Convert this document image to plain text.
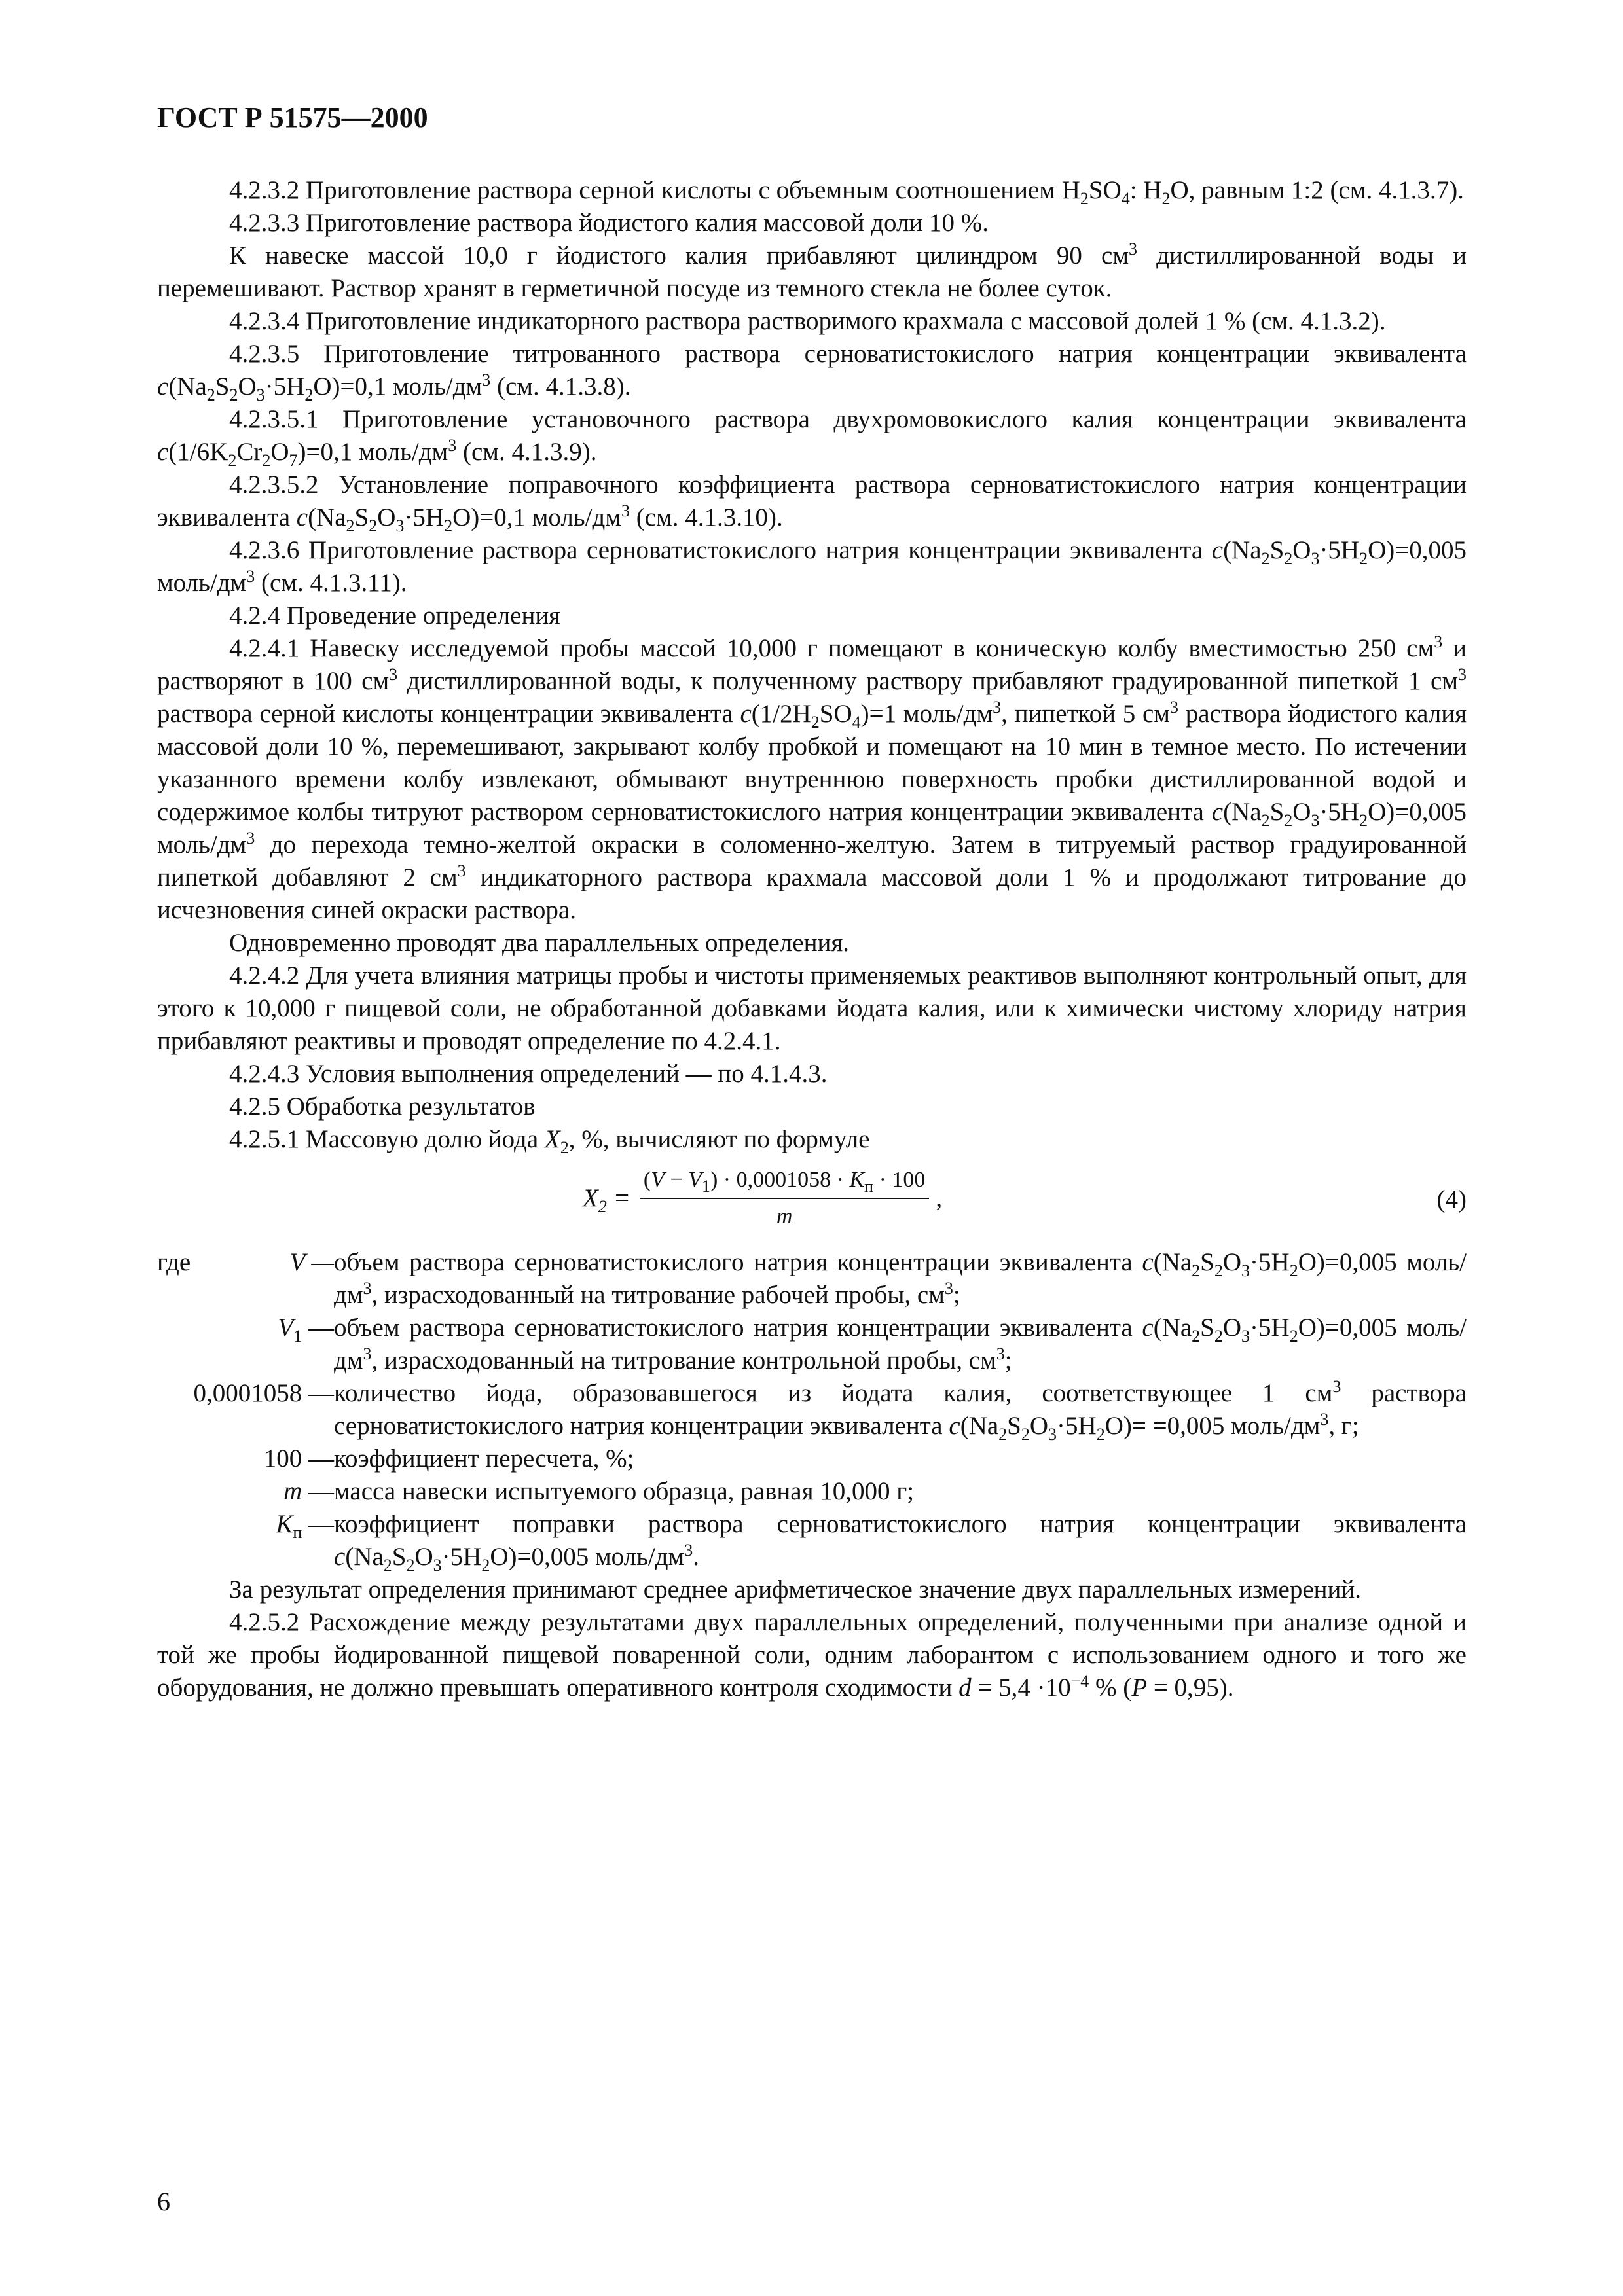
ГОСТ Р 51575—2000

4.2.3.2 Приготовление раствора серной кислоты с объемным соотношением $H_2SO_4$: $H_2O$, равным 1:2 (см. 4.1.3.7).

4.2.3.3 Приготовление раствора йодистого калия массовой доли 10 %.

К навеске массой 10,0 г йодистого калия прибавляют цилиндром 90 $см^3$ дистиллированной воды и перемешивают. Раствор хранят в герметичной посуде из темного стекла не более суток.

4.2.3.4 Приготовление индикаторного раствора растворимого крахмала с массовой долей 1 % (см. 4.1.3.2).

4.2.3.5 Приготовление титрованного раствора серноватистокислого натрия концентрации эквивалента $c(Na_2S_2O_3\cdot 5H_2O)=0,1$ моль/$дм^3$ (см. 4.1.3.8).

4.2.3.5.1 Приготовление установочного раствора двухромовокислого калия концентрации эквивалента $c(1/6K_2Cr_2O_7)=0,1$ моль/$дм^3$ (см. 4.1.3.9).

4.2.3.5.2 Установление поправочного коэффициента раствора серноватистокислого натрия концентрации эквивалента $c(Na_2S_2O_3\cdot 5H_2O)=0,1$ моль/$дм^3$ (см. 4.1.3.10).

4.2.3.6 Приготовление раствора серноватистокислого натрия концентрации эквивалента $c(Na_2S_2O_3\cdot 5H_2O)=0,005$ моль/$дм^3$ (см. 4.1.3.11).

4.2.4 Проведение определения

4.2.4.1 Навеску исследуемой пробы массой 10,000 г помещают в коническую колбу вместимостью 250 $см^3$ и растворяют в 100 $см^3$ дистиллированной воды, к полученному раствору прибавляют градуированной пипеткой 1 $см^3$ раствора серной кислоты концентрации эквивалента $c(1/2H_2SO_4)=1$ моль/$дм^3$, пипеткой 5 $см^3$ раствора йодистого калия массовой доли 10 %, перемешивают, закрывают колбу пробкой и помещают на 10 мин в темное место. По истечении указанного времени колбу извлекают, обмывают внутреннюю поверхность пробки дистиллированной водой и содержимое колбы титруют раствором серноватистокислого натрия концентрации эквивалента $c(Na_2S_2O_3\cdot 5H_2O)=0,005$ моль/$дм^3$ до перехода темно-желтой окраски в соломенно-желтую. Затем в титруемый раствор градуированной пипеткой добавляют 2 $см^3$ индикаторного раствора крахмала массовой доли 1 % и продолжают титрование до исчезновения синей окраски раствора.

Одновременно проводят два параллельных определения.

4.2.4.2 Для учета влияния матрицы пробы и чистоты применяемых реактивов выполняют контрольный опыт, для этого к 10,000 г пищевой соли, не обработанной добавками йодата калия, или к химически чистому хлориду натрия прибавляют реактивы и проводят определение по 4.2.4.1.

4.2.4.3 Условия выполнения определений — по 4.1.4.3.

4.2.5 Обработка результатов

4.2.5.1 Массовую долю йода $X_2$, %, вычисляют по формуле

$X_2 = \frac{(V - V_1) \cdot 0,0001058 \cdot K_п \cdot 100}{m}$ ,	(4)
где	V — объем раствора серноватистокислого натрия концентрации эквивалента $c(Na_2S_2O_3\cdot 5H_2O)=0,005$ моль/$дм^3$, израсходованный на титрование рабочей пробы, $см^3$;
$V_1$ — объем раствора серноватистокислого натрия концентрации эквивалента $c(Na_2S_2O_3\cdot 5H_2O)=0,005$ моль/$дм^3$, израсходованный на титрование контрольной пробы, $см^3$;
0,0001058 — количество йода, образовавшегося из йодата калия, соответствующее 1 $см^3$ раствора серноватистокислого натрия концентрации эквивалента $c(Na_2S_2O_3\cdot 5H_2O)= =0,005$ моль/$дм^3$, г;
100 — коэффициент пересчета, %;
m — масса навески испытуемого образца, равная 10,000 г;
$K_п$ — коэффициент поправки раствора серноватистокислого натрия концентрации эквивалента $c(Na_2S_2O_3\cdot 5H_2O)=0,005$ моль/$дм^3$.

За результат определения принимают среднее арифметическое значение двух параллельных измерений.

4.2.5.2 Расхождение между результатами двух параллельных определений, полученными при анализе одной и той же пробы йодированной пищевой поваренной соли, одним лаборантом с использованием одного и того же оборудования, не должно превышать оперативного контроля сходимости $d = 5,4 \cdot 10^{-4}$ % (P = 0,95).

6
